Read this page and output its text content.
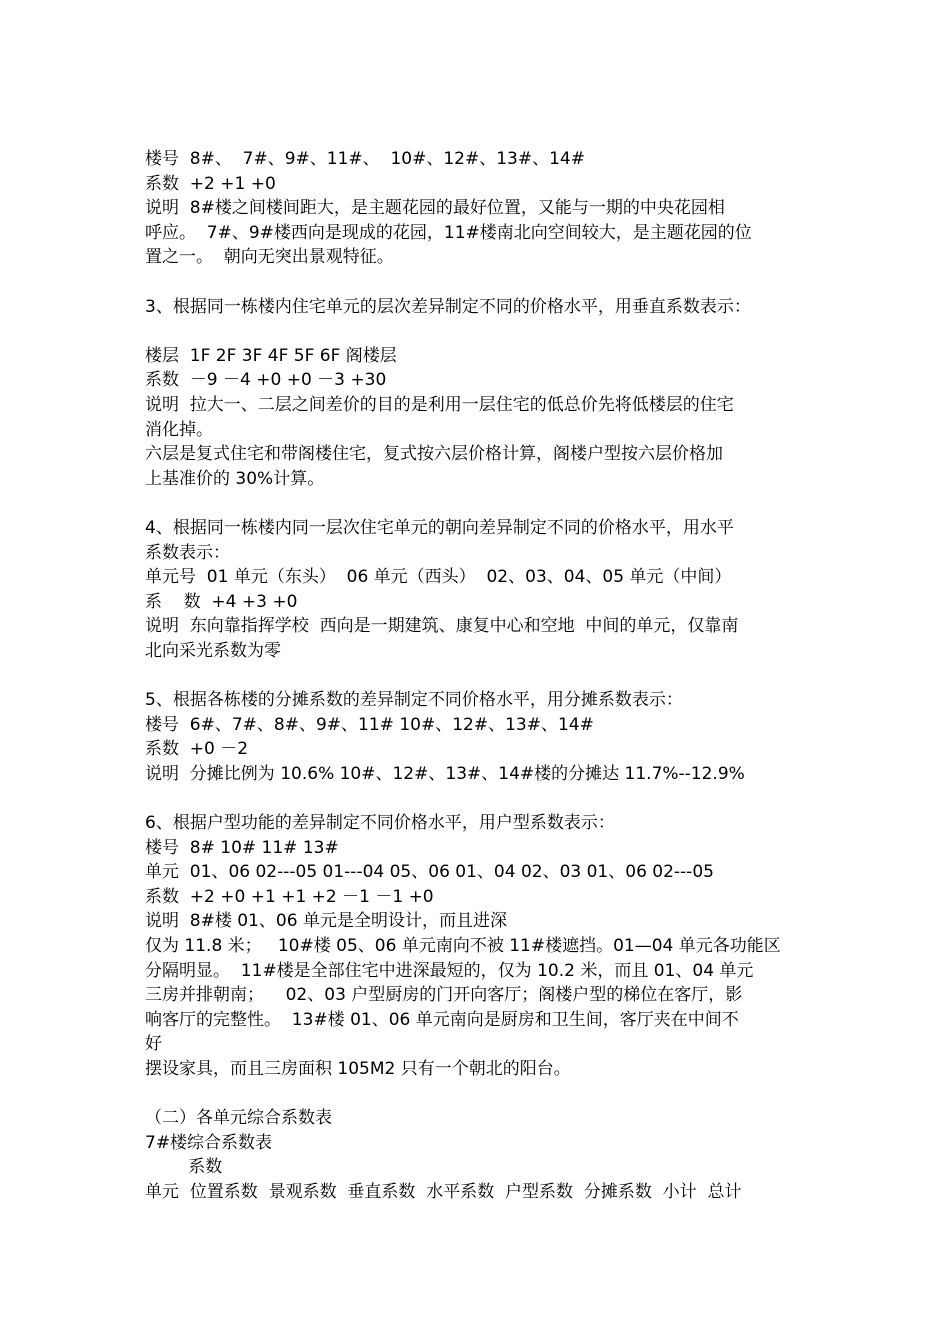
楼号  8#、  7#、9#、11#、  10#、12#、13#、14#
系数  +2 +1 +0
说明  8#楼之间楼间距大，是主题花园的最好位置，又能与一期的中央花园相
呼应。  7#、9#楼西向是现成的花园，11#楼南北向空间较大，是主题花园的位
置之一。  朝向无突出景观特征。
3、根据同一栋楼内住宅单元的层次差异制定不同的价格水平，用垂直系数表示：
楼层  1F 2F 3F 4F 5F 6F 阁楼层
系数  －9 －4 +0 +0 －3 +30
说明  拉大一、二层之间差价的目的是利用一层住宅的低总价先将低楼层的住宅
消化掉。
六层是复式住宅和带阁楼住宅，复式按六层价格计算，阁楼户型按六层价格加
上基准价的 30%计算。
4、根据同一栋楼内同一层次住宅单元的朝向差异制定不同的价格水平，用水平
系数表示：
单元号  01 单元（东头）  06 单元（西头）  02、03、04、05 单元（中间）
系    数  +4 +3 +0
说明  东向靠指挥学校  西向是一期建筑、康复中心和空地  中间的单元，仅靠南
北向采光系数为零
5、根据各栋楼的分摊系数的差异制定不同价格水平，用分摊系数表示：
楼号  6#、7#、8#、9#、11# 10#、12#、13#、14#
系数  +0 －2
说明  分摊比例为 10.6% 10#、12#、13#、14#楼的分摊达 11.7%--12.9%
6、根据户型功能的差异制定不同价格水平，用户型系数表示：
楼号  8# 10# 11# 13#
单元  01、06 02---05 01---04 05、06 01、04 02、03 01、06 02---05
系数  +2 +0 +1 +1 +2 －1 －1 +0
说明  8#楼 01、06 单元是全明设计，而且进深
仅为 11.8 米；   10#楼 05、06 单元南向不被 11#楼遮挡。01—04 单元各功能区
分隔明显。  11#楼是全部住宅中进深最短的，仅为 10.2 米，而且 01、04 单元
三房并排朝南；    02、03 户型厨房的门开向客厅；阁楼户型的梯位在客厅，影
响客厅的完整性。  13#楼 01、06 单元南向是厨房和卫生间，客厅夹在中间不
好
摆设家具，而且三房面积 105M2 只有一个朝北的阳台。
（二）各单元综合系数表
7#楼综合系数表
系数
单元  位置系数  景观系数  垂直系数  水平系数  户型系数  分摊系数  小计  总计
